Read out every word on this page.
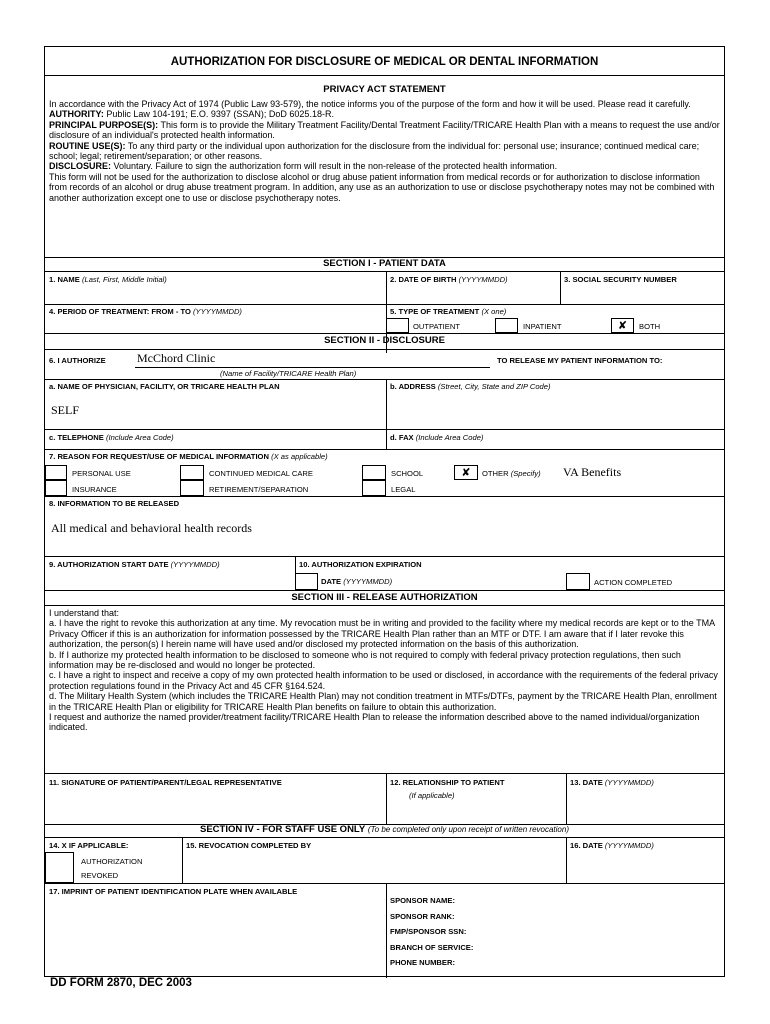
AUTHORIZATION FOR DISCLOSURE OF MEDICAL OR DENTAL INFORMATION
PRIVACY ACT STATEMENT

In accordance with the Privacy Act of 1974 (Public Law 93-579), the notice informs you of the purpose of the form and how it will be used. Please read it carefully.

AUTHORITY: Public Law 104-191; E.O. 9397 (SSAN); DoD 6025.18-R.

PRINCIPAL PURPOSE(S): This form is to provide the Military Treatment Facility/Dental Treatment Facility/TRICARE Health Plan with a means to request the use and/or disclosure of an individual's protected health information.

ROUTINE USE(S): To any third party or the individual upon authorization for the disclosure from the individual for: personal use; insurance; continued medical care; school; legal; retirement/separation; or other reasons.

DISCLOSURE: Voluntary. Failure to sign the authorization form will result in the non-release of the protected health information.

This form will not be used for the authorization to disclose alcohol or drug abuse patient information from medical records or for authorization to disclose information from records of an alcohol or drug abuse treatment program. In addition, any use as an authorization to use or disclose psychotherapy notes may not be combined with another authorization except one to use or disclose psychotherapy notes.

SECTION I - PATIENT DATA
1. NAME (Last, First, Middle Initial)	2. DATE OF BIRTH (YYYYMMDD)	3. SOCIAL SECURITY NUMBER
4. PERIOD OF TREATMENT: FROM - TO (YYYYMMDD)	5. TYPE OF TREATMENT (X one)
OUTPATIENT	INPATIENT	✘	BOTH
SECTION II - DISCLOSURE
6. I AUTHORIZE	McChord Clinic
(Name of Facility/TRICARE Health Plan)
TO RELEASE MY PATIENT INFORMATION TO:
a. NAME OF PHYSICIAN, FACILITY, OR TRICARE HEALTH PLAN
SELF
b. ADDRESS (Street, City, State and ZIP Code)
c. TELEPHONE (Include Area Code)	d. FAX (Include Area Code)
7. REASON FOR REQUEST/USE OF MEDICAL INFORMATION (X as applicable)
PERSONAL USE	CONTINUED MEDICAL CARE	SCHOOL	✘	OTHER (Specify) VA Benefits
INSURANCE	RETIREMENT/SEPARATION	LEGAL
8. INFORMATION TO BE RELEASED
All medical and behavioral health records
9. AUTHORIZATION START DATE (YYYYMMDD)	10. AUTHORIZATION EXPIRATION
DATE (YYYYMMDD)	ACTION COMPLETED
SECTION III - RELEASE AUTHORIZATION

I understand that:

a. I have the right to revoke this authorization at any time. My revocation must be in writing and provided to the facility where my medical records are kept or to the TMA Privacy Officer if this is an authorization for information possessed by the TRICARE Health Plan rather than an MTF or DTF. I am aware that if I later revoke this authorization, the person(s) I herein name will have used and/or disclosed my protected information on the basis of this authorization.

b. If I authorize my protected health information to be disclosed to someone who is not required to comply with federal privacy protection regulations, then such information may be re-disclosed and would no longer be protected.

c. I have a right to inspect and receive a copy of my own protected health information to be used or disclosed, in accordance with the requirements of the federal privacy protection regulations found in the Privacy Act and 45 CFR §164.524.

d. The Military Health System (which includes the TRICARE Health Plan) may not condition treatment in MTFs/DTFs, payment by the TRICARE Health Plan, enrollment in the TRICARE Health Plan or eligibility for TRICARE Health Plan benefits on failure to obtain this authorization.

I request and authorize the named provider/treatment facility/TRICARE Health Plan to release the information described above to the named individual/organization indicated.

11. SIGNATURE OF PATIENT/PARENT/LEGAL REPRESENTATIVE	12. RELATIONSHIP TO PATIENT
(If applicable)
13. DATE (YYYYMMDD)
SECTION IV - FOR STAFF USE ONLY (To be completed only upon receipt of written revocation)
14. X IF APPLICABLE:
AUTHORIZATION
REVOKED
15. REVOCATION COMPLETED BY	16. DATE (YYYYMMDD)
17. IMPRINT OF PATIENT IDENTIFICATION PLATE WHEN AVAILABLE
SPONSOR NAME:
SPONSOR RANK:
FMP/SPONSOR SSN:
BRANCH OF SERVICE:
PHONE NUMBER:
DD FORM 2870, DEC 2003
